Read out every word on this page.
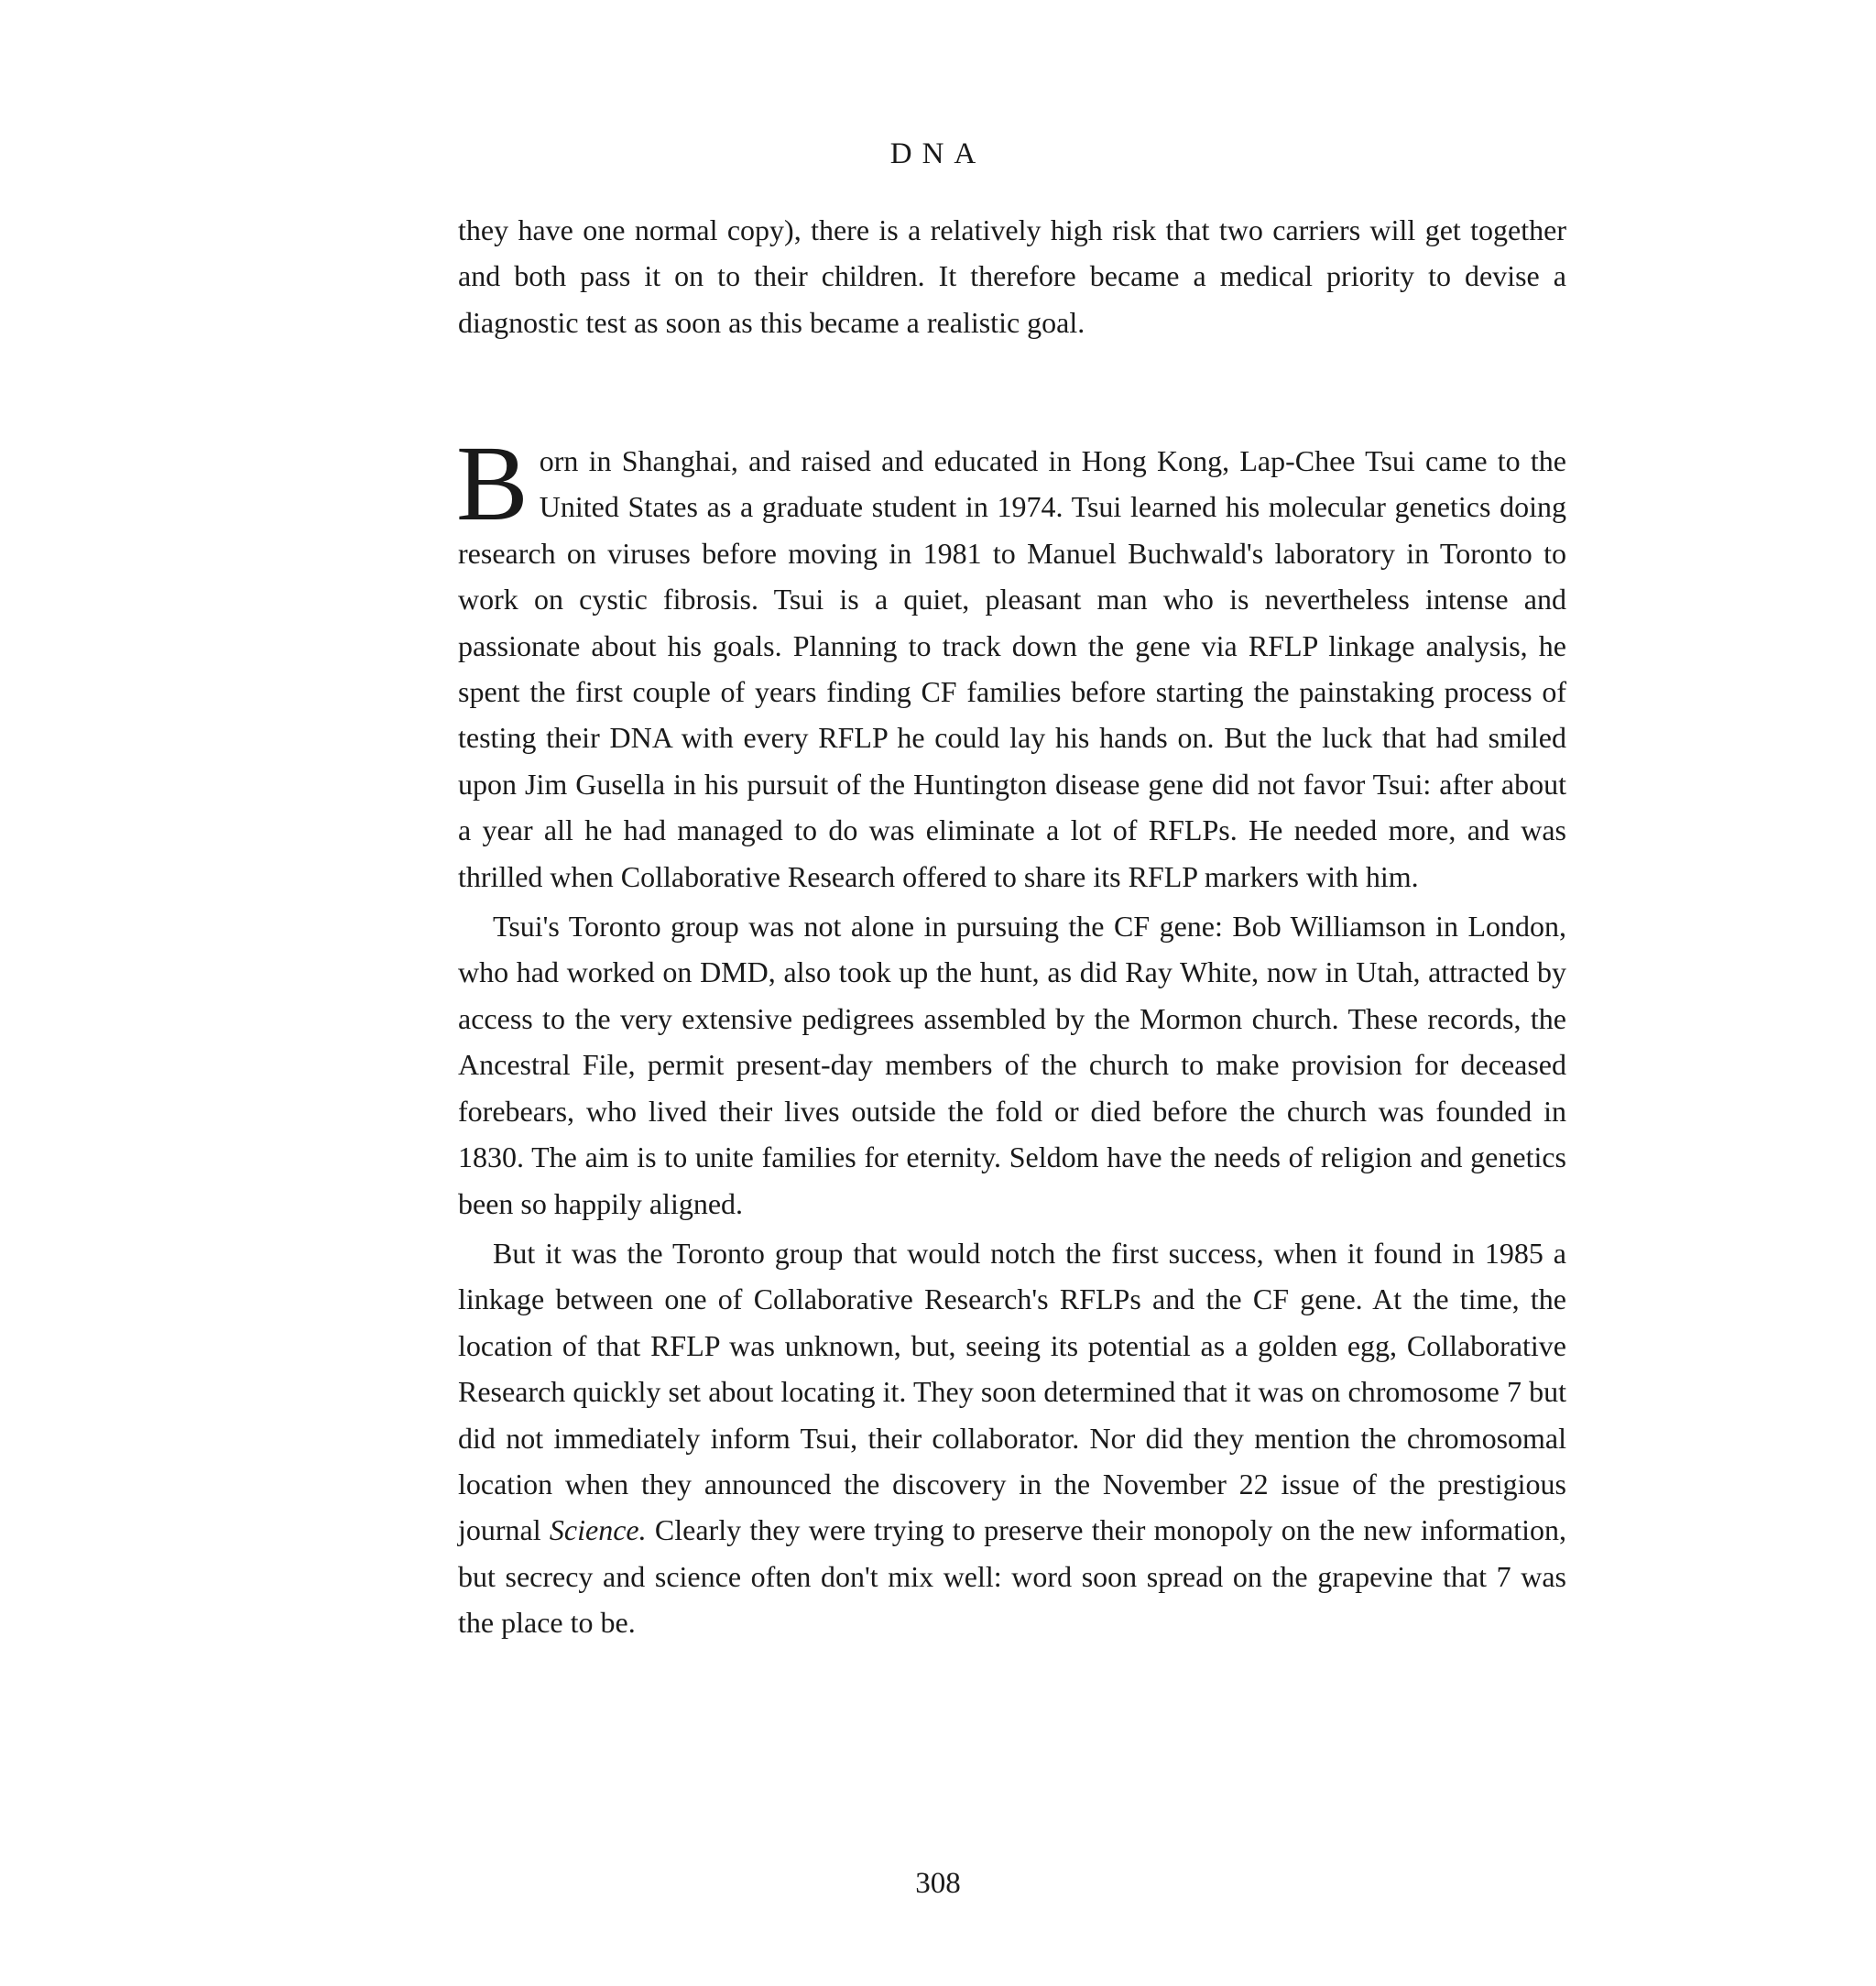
DNA

they have one normal copy), there is a relatively high risk that two carriers will get together and both pass it on to their children. It therefore became a medical priority to devise a diagnostic test as soon as this became a realistic goal.

Born in Shanghai, and raised and educated in Hong Kong, Lap-Chee Tsui came to the United States as a graduate student in 1974. Tsui learned his molecular genetics doing research on viruses before moving in 1981 to Manuel Buchwald's laboratory in Toronto to work on cystic fibrosis. Tsui is a quiet, pleasant man who is nevertheless intense and passionate about his goals. Planning to track down the gene via RFLP linkage analysis, he spent the first couple of years finding CF families before starting the painstaking process of testing their DNA with every RFLP he could lay his hands on. But the luck that had smiled upon Jim Gusella in his pursuit of the Huntington disease gene did not favor Tsui: after about a year all he had managed to do was eliminate a lot of RFLPs. He needed more, and was thrilled when Collaborative Research offered to share its RFLP markers with him.

Tsui's Toronto group was not alone in pursuing the CF gene: Bob Williamson in London, who had worked on DMD, also took up the hunt, as did Ray White, now in Utah, attracted by access to the very extensive pedigrees assembled by the Mormon church. These records, the Ancestral File, permit present-day members of the church to make provision for deceased forebears, who lived their lives outside the fold or died before the church was founded in 1830. The aim is to unite families for eternity. Seldom have the needs of religion and genetics been so happily aligned.

But it was the Toronto group that would notch the first success, when it found in 1985 a linkage between one of Collaborative Research's RFLPs and the CF gene. At the time, the location of that RFLP was unknown, but, seeing its potential as a golden egg, Collaborative Research quickly set about locating it. They soon determined that it was on chromosome 7 but did not immediately inform Tsui, their collaborator. Nor did they mention the chromosomal location when they announced the discovery in the November 22 issue of the prestigious journal Science. Clearly they were trying to preserve their monopoly on the new information, but secrecy and science often don't mix well: word soon spread on the grapevine that 7 was the place to be.

308
